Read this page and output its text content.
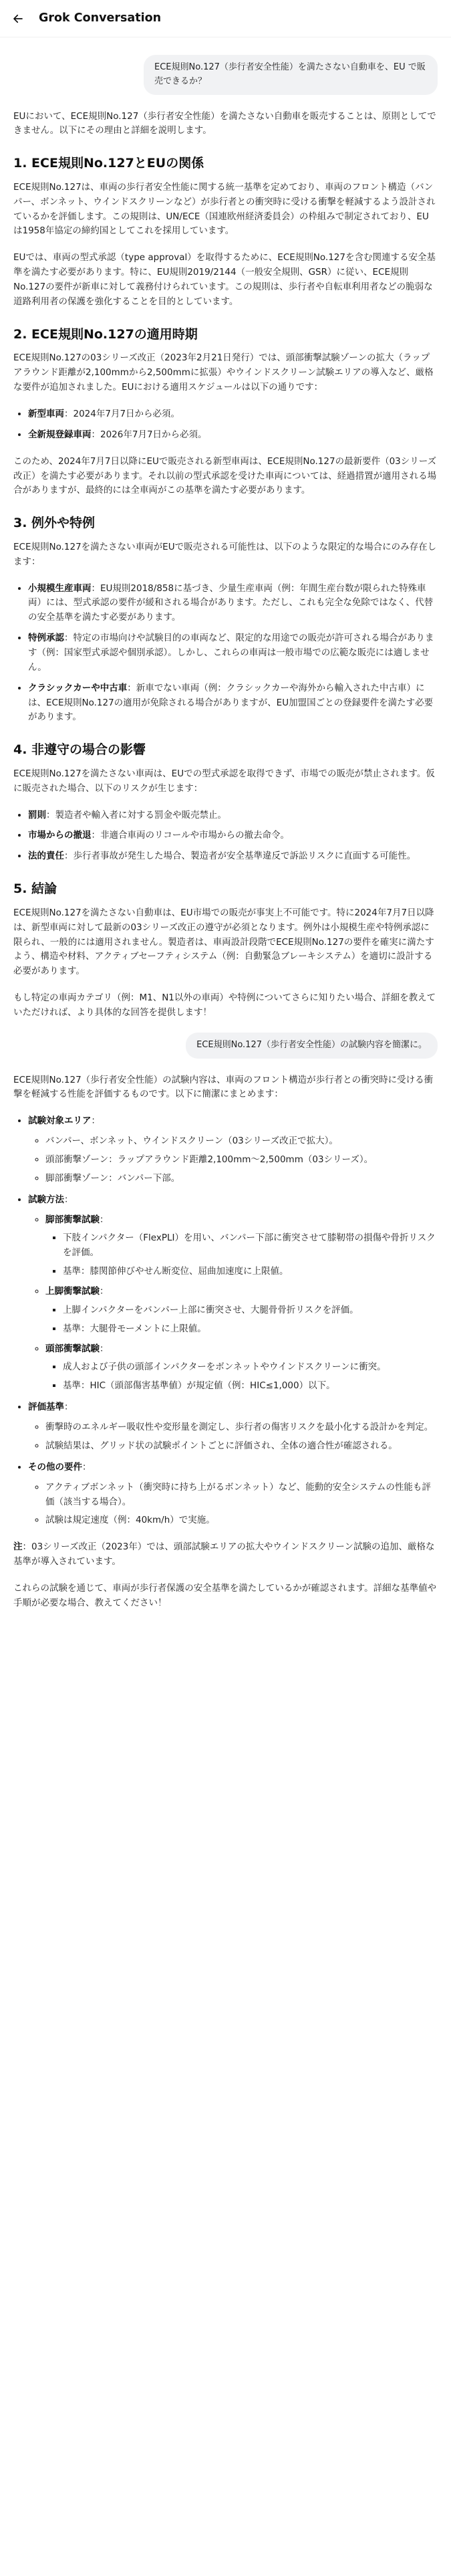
Grok Conversation
ECE規則No.127（歩行者安全性能）を満たさない自動車を、EU で販売できるか？

EUにおいて、ECE規則No.127（歩行者安全性能）を満たさない自動車を販売することは、原則としてできません。以下にその理由と詳細を説明します。

1. ECE規則No.127とEUの関係

ECE規則No.127は、車両の歩行者安全性能に関する統一基準を定めており、車両のフロント構造（バンパー、ボンネット、ウインドスクリーンなど）が歩行者との衝突時に受ける衝撃を軽減するよう設計されているかを評価します。この規則は、UN/ECE（国連欧州経済委員会）の枠組みで制定されており、EUは1958年協定の締約国としてこれを採用しています。

EUでは、車両の型式承認（type approval）を取得するために、ECE規則No.127を含む関連する安全基準を満たす必要があります。特に、EU規則2019/2144（一般安全規則、GSR）に従い、ECE規則No.127の要件が新車に対して義務付けられています。この規則は、歩行者や自転車利用者などの脆弱な道路利用者の保護を強化することを目的としています。

2. ECE規則No.127の適用時期

ECE規則No.127の03シリーズ改正（2023年2月21日発行）では、頭部衝撃試験ゾーンの拡大（ラップアラウンド距離が2,100mmから2,500mmに拡張）やウインドスクリーン試験エリアの導入など、厳格な要件が追加されました。EUにおける適用スケジュールは以下の通りです：

• 新型車両：2024年7月7日から必須。
• 全新規登録車両：2026年7月7日から必須。

このため、2024年7月7日以降にEUで販売される新型車両は、ECE規則No.127の最新要件（03シリーズ改正）を満たす必要があります。それ以前の型式承認を受けた車両については、経過措置が適用される場合がありますが、最終的には全車両がこの基準を満たす必要があります。

3. 例外や特例

ECE規則No.127を満たさない車両がEUで販売される可能性は、以下のような限定的な場合にのみ存在します：

• 小規模生産車両：EU規則2018/858に基づき、少量生産車両（例：年間生産台数が限られた特殊車両）には、型式承認の要件が緩和される場合があります。ただし、これも完全な免除ではなく、代替の安全基準を満たす必要があります。
• 特例承認：特定の市場向けや試験目的の車両など、限定的な用途での販売が許可される場合があります（例：国家型式承認や個別承認）。しかし、これらの車両は一般市場での広範な販売には適しません。
• クラシックカーや中古車：新車でない車両（例：クラシックカーや海外から輸入された中古車）には、ECE規則No.127の適用が免除される場合がありますが、EU加盟国ごとの登録要件を満たす必要があります。
4. 非遵守の場合の影響

ECE規則No.127を満たさない車両は、EUでの型式承認を取得できず、市場での販売が禁止されます。仮に販売された場合、以下のリスクが生じます：

• 罰則：製造者や輸入者に対する罰金や販売禁止。
• 市場からの撤退：非適合車両のリコールや市場からの撤去命令。
• 法的責任：歩行者事故が発生した場合、製造者が安全基準違反で訴訟リスクに直面する可能性。
5. 結論

ECE規則No.127を満たさない自動車は、EU市場での販売が事実上不可能です。特に2024年7月7日以降は、新型車両に対して最新の03シリーズ改正の遵守が必須となります。例外は小規模生産や特例承認に限られ、一般的には適用されません。製造者は、車両設計段階でECE規則No.127の要件を確実に満たすよう、構造や材料、アクティブセーフティシステム（例：自動緊急ブレーキシステム）を適切に設計する必要があります。

もし特定の車両カテゴリ（例：M1、N1以外の車両）や特例についてさらに知りたい場合、詳細を教えていただければ、より具体的な回答を提供します！

ECE規則No.127（歩行者安全性能）の試験内容を簡潔に。

ECE規則No.127（歩行者安全性能）の試験内容は、車両のフロント構造が歩行者との衝突時に受ける衝撃を軽減する性能を評価するものです。以下に簡潔にまとめます：

• 試験対象エリア：
◦ バンパー、ボンネット、ウインドスクリーン（03シリーズ改正で拡大）。
◦ 頭部衝撃ゾーン：ラップアラウンド距離2,100mm〜2,500mm（03シリーズ）。
◦ 脚部衝撃ゾーン：バンパー下部。
• 試験方法：
◦ 脚部衝撃試験：
▪ 下肢インパクター（FlexPLI）を用い、バンパー下部に衝突させて膝靭帯の損傷や骨折リスクを評価。
▪ 基準：膝関節伸びやせん断変位、屈曲加速度に上限値。
◦ 上脚衝撃試験：
▪ 上脚インパクターをバンパー上部に衝突させ、大腿骨骨折リスクを評価。
▪ 基準：大腿骨モーメントに上限値。
◦ 頭部衝撃試験：
▪ 成人および子供の頭部インパクターをボンネットやウインドスクリーンに衝突。
▪ 基準：HIC（頭部傷害基準値）が規定値（例：HIC≤1,000）以下。
• 評価基準：
◦ 衝撃時のエネルギー吸収性や変形量を測定し、歩行者の傷害リスクを最小化する設計かを判定。
◦ 試験結果は、グリッド状の試験ポイントごとに評価され、全体の適合性が確認される。
• その他の要件：
◦ アクティブボンネット（衝突時に持ち上がるボンネット）など、能動的安全システムの性能も評価（該当する場合）。
◦ 試験は規定速度（例：40km/h）で実施。

注：03シリーズ改正（2023年）では、頭部試験エリアの拡大やウインドスクリーン試験の追加、厳格な基準が導入されています。

これらの試験を通じて、車両が歩行者保護の安全基準を満たしているかが確認されます。詳細な基準値や手順が必要な場合、教えてください！
